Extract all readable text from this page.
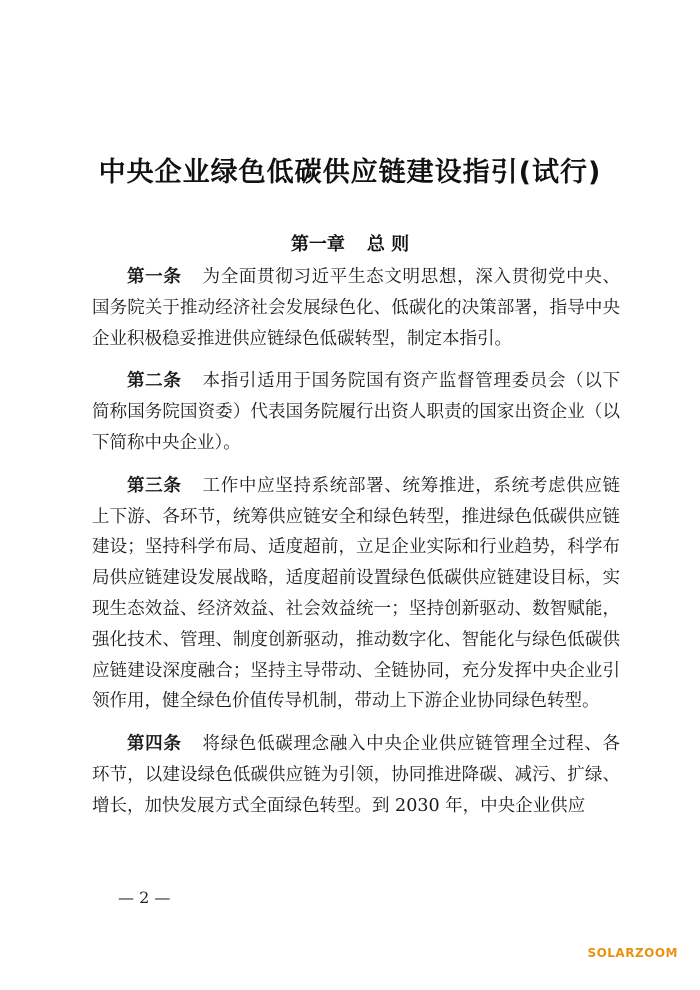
中央企业绿色低碳供应链建设指引(试行)
第一章 总 则

第一条 为全面贯彻习近平生态文明思想，深入贯彻党中央、国务院关于推动经济社会发展绿色化、低碳化的决策部署，指导中央企业积极稳妥推进供应链绿色低碳转型，制定本指引。

第二条 本指引适用于国务院国有资产监督管理委员会（以下简称国务院国资委）代表国务院履行出资人职责的国家出资企业（以下简称中央企业）。

第三条 工作中应坚持系统部署、统筹推进，系统考虑供应链上下游、各环节，统筹供应链安全和绿色转型，推进绿色低碳供应链建设；坚持科学布局、适度超前，立足企业实际和行业趋势，科学布局供应链建设发展战略，适度超前设置绿色低碳供应链建设目标，实现生态效益、经济效益、社会效益统一；坚持创新驱动、数智赋能，强化技术、管理、制度创新驱动，推动数字化、智能化与绿色低碳供应链建设深度融合；坚持主导带动、全链协同，充分发挥中央企业引领作用，健全绿色价值传导机制，带动上下游企业协同绿色转型。

第四条 将绿色低碳理念融入中央企业供应链管理全过程、各环节，以建设绿色低碳供应链为引领，协同推进降碳、减污、扩绿、增长，加快发展方式全面绿色转型。到 2030 年，中央企业供应

— 2 —
SOLARZOOM
